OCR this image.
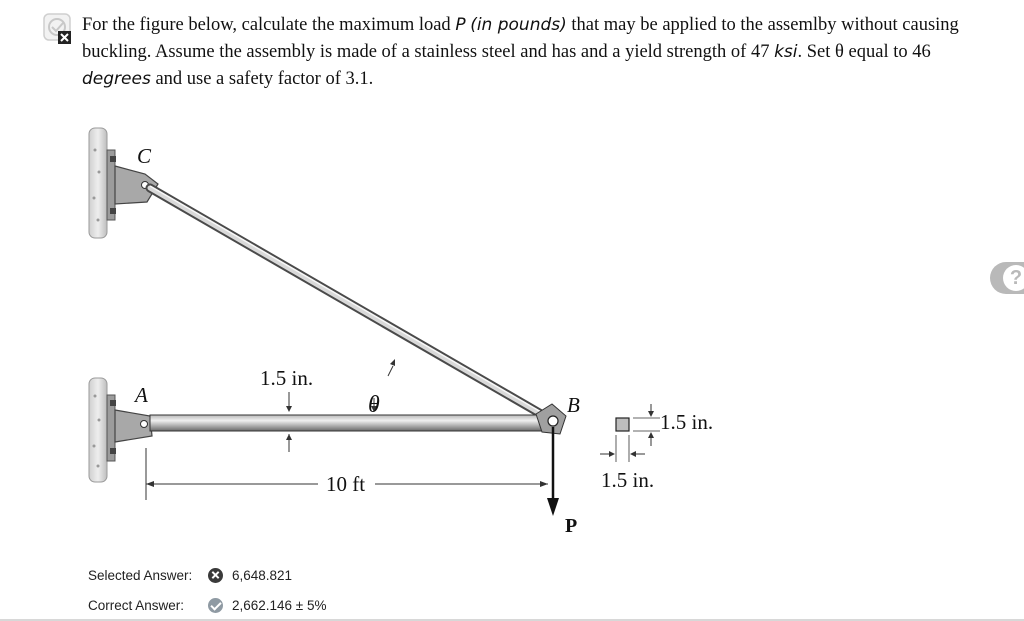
For the figure below, calculate the maximum load P (in pounds) that may be applied to the assemlby without causing buckling. Assume the assembly is made of a stainless steel and has and a yield strength of 47 ksi. Set θ equal to 46 degrees and use a safety factor of 3.1.
C
A	B
P
θ
1.5 in.
10 ft
1.5 in.
1.5 in.
?
Selected Answer:	6,648.821
Correct Answer:	2,662.146 ± 5%
